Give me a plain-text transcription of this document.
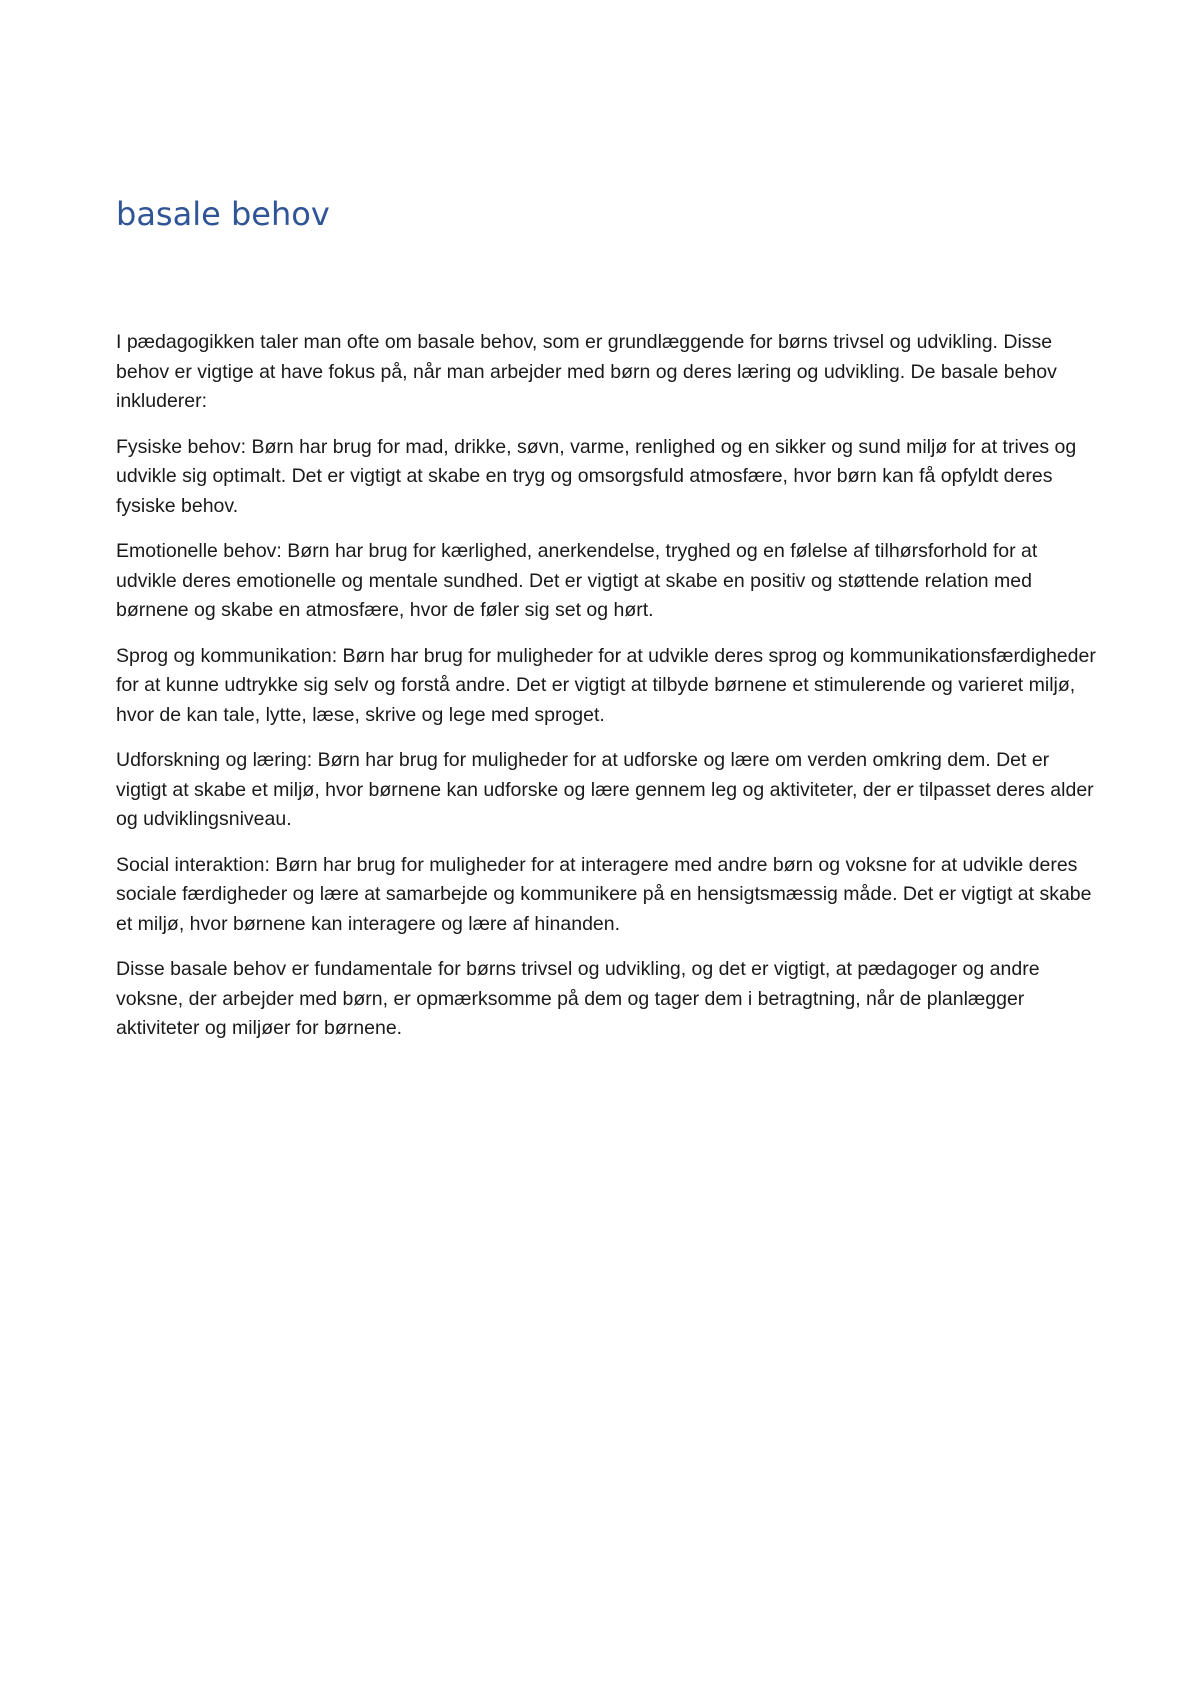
basale behov

I pædagogikken taler man ofte om basale behov, som er grundlæggende for børns trivsel og udvikling. Disse behov er vigtige at have fokus på, når man arbejder med børn og deres læring og udvikling. De basale behov inkluderer:

Fysiske behov: Børn har brug for mad, drikke, søvn, varme, renlighed og en sikker og sund miljø for at trives og udvikle sig optimalt. Det er vigtigt at skabe en tryg og omsorgsfuld atmosfære, hvor børn kan få opfyldt deres fysiske behov.

Emotionelle behov: Børn har brug for kærlighed, anerkendelse, tryghed og en følelse af tilhørsforhold for at udvikle deres emotionelle og mentale sundhed. Det er vigtigt at skabe en positiv og støttende relation med børnene og skabe en atmosfære, hvor de føler sig set og hørt.

Sprog og kommunikation: Børn har brug for muligheder for at udvikle deres sprog og kommunikationsfærdigheder for at kunne udtrykke sig selv og forstå andre. Det er vigtigt at tilbyde børnene et stimulerende og varieret miljø, hvor de kan tale, lytte, læse, skrive og lege med sproget.

Udforskning og læring: Børn har brug for muligheder for at udforske og lære om verden omkring dem. Det er vigtigt at skabe et miljø, hvor børnene kan udforske og lære gennem leg og aktiviteter, der er tilpasset deres alder og udviklingsniveau.

Social interaktion: Børn har brug for muligheder for at interagere med andre børn og voksne for at udvikle deres sociale færdigheder og lære at samarbejde og kommunikere på en hensigtsmæssig måde. Det er vigtigt at skabe et miljø, hvor børnene kan interagere og lære af hinanden.

Disse basale behov er fundamentale for børns trivsel og udvikling, og det er vigtigt, at pædagoger og andre voksne, der arbejder med børn, er opmærksomme på dem og tager dem i betragtning, når de planlægger aktiviteter og miljøer for børnene.
